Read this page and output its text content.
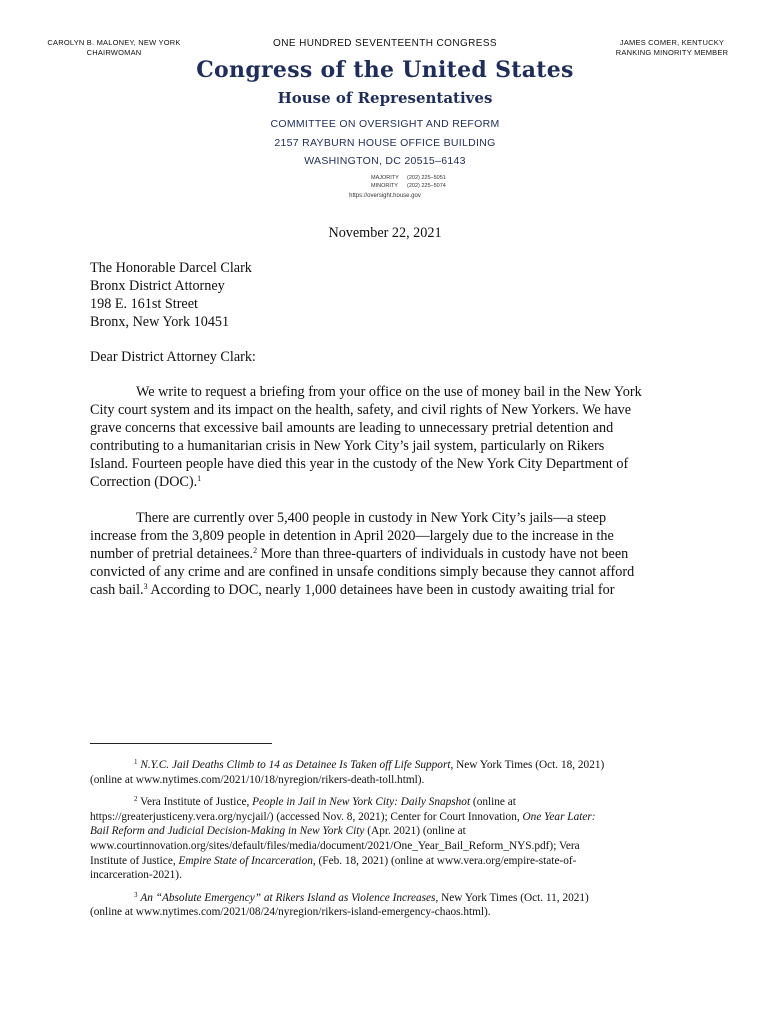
CAROLYN B. MALONEY, NEW YORK
CHAIRWOMAN
ONE HUNDRED SEVENTEENTH CONGRESS	JAMES COMER, KENTUCKY
RANKING MINORITY MEMBER
Congress of the United States
House of Representatives
COMMITTEE ON OVERSIGHT AND REFORM
2157 RAYBURN HOUSE OFFICE BUILDING
WASHINGTON, DC 20515–6143
MAJORITY (202) 225–5051
MINORITY (202) 225–5074
https://oversight.house.gov
November 22, 2021
The Honorable Darcel Clark
Bronx District Attorney
198 E. 161st Street
Bronx, New York 10451
Dear District Attorney Clark:
We write to request a briefing from your office on the use of money bail in the New York
City court system and its impact on the health, safety, and civil rights of New Yorkers. We have
grave concerns that excessive bail amounts are leading to unnecessary pretrial detention and
contributing to a humanitarian crisis in New York City’s jail system, particularly on Rikers
Island. Fourteen people have died this year in the custody of the New York City Department of
Correction (DOC).$^1$
There are currently over 5,400 people in custody in New York City’s jails—a steep
increase from the 3,809 people in detention in April 2020—largely due to the increase in the
number of pretrial detainees.$^2$ More than three-quarters of individuals in custody have not been
convicted of any crime and are confined in unsafe conditions simply because they cannot afford
cash bail.$^3$ According to DOC, nearly 1,000 detainees have been in custody awaiting trial for
$^1$ N.Y.C. Jail Deaths Climb to 14 as Detainee Is Taken off Life Support, New York Times (Oct. 18, 2021)
(online at www.nytimes.com/2021/10/18/nyregion/rikers-death-toll.html).
$^2$ Vera Institute of Justice, People in Jail in New York City: Daily Snapshot (online at
https://greaterjusticeny.vera.org/nycjail/) (accessed Nov. 8, 2021); Center for Court Innovation, One Year Later:
Bail Reform and Judicial Decision-Making in New York City (Apr. 2021) (online at
www.courtinnovation.org/sites/default/files/media/document/2021/One_Year_Bail_Reform_NYS.pdf); Vera
Institute of Justice, Empire State of Incarceration, (Feb. 18, 2021) (online at www.vera.org/empire-state-of-
incarceration-2021).
$^3$ An “Absolute Emergency” at Rikers Island as Violence Increases, New York Times (Oct. 11, 2021)
(online at www.nytimes.com/2021/08/24/nyregion/rikers-island-emergency-chaos.html).
